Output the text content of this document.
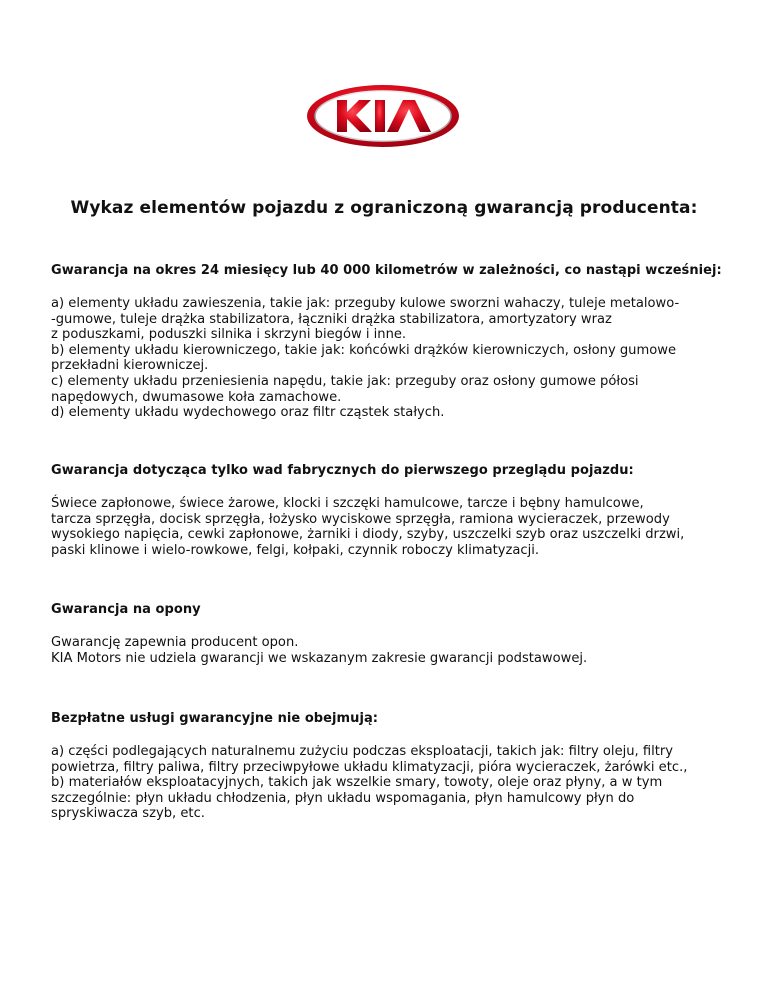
Wykaz elementów pojazdu z ograniczoną gwarancją producenta:

Gwarancja na okres 24 miesięcy lub 40 000 kilometrów w zależności, co nastąpi wcześniej:

a) elementy układu zawieszenia, takie jak: przeguby kulowe sworzni wahaczy, tuleje metalowo-
-gumowe, tuleje drążka stabilizatora, łączniki drążka stabilizatora, amortyzatory wraz
z poduszkami, poduszki silnika i skrzyni biegów i inne.
b) elementy układu kierowniczego, takie jak: końcówki drążków kierowniczych, osłony gumowe
przekładni kierowniczej.
c) elementy układu przeniesienia napędu, takie jak: przeguby oraz osłony gumowe półosi
napędowych, dwumasowe koła zamachowe.
d) elementy układu wydechowego oraz filtr cząstek stałych.

Gwarancja dotycząca tylko wad fabrycznych do pierwszego przeglądu pojazdu:

Świece zapłonowe, świece żarowe, klocki i szczęki hamulcowe, tarcze i bębny hamulcowe,
tarcza sprzęgła, docisk sprzęgła, łożysko wyciskowe sprzęgła, ramiona wycieraczek, przewody
wysokiego napięcia, cewki zapłonowe, żarniki i diody, szyby, uszczelki szyb oraz uszczelki drzwi,
paski klinowe i wielo-rowkowe, felgi, kołpaki, czynnik roboczy klimatyzacji.

Gwarancja na opony

Gwarancję zapewnia producent opon.
KIA Motors nie udziela gwarancji we wskazanym zakresie gwarancji podstawowej.

Bezpłatne usługi gwarancyjne nie obejmują:

a) części podlegających naturalnemu zużyciu podczas eksploatacji, takich jak: filtry oleju, filtry
powietrza, filtry paliwa, filtry przeciwpyłowe układu klimatyzacji, pióra wycieraczek, żarówki etc.,
b) materiałów eksploatacyjnych, takich jak wszelkie smary, towoty, oleje oraz płyny, a w tym
szczególnie: płyn układu chłodzenia, płyn układu wspomagania, płyn hamulcowy płyn do
spryskiwacza szyb, etc.
